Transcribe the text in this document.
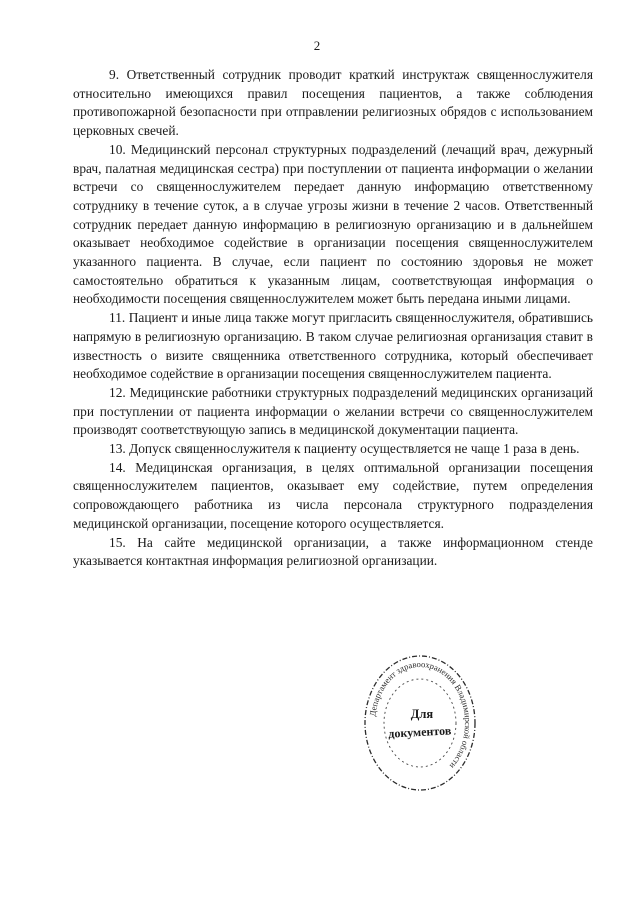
2

9. Ответственный сотрудник проводит краткий инструктаж священнослужителя относительно имеющихся правил посещения пациентов, а также соблюдения противопожарной безопасности при отправлении религиозных обрядов с использованием церковных свечей.

10. Медицинский персонал структурных подразделений (лечащий врач, дежурный врач, палатная медицинская сестра) при поступлении от пациента информации о желании встречи со священнослужителем передает данную информацию ответственному сотруднику в течение суток, а в случае угрозы жизни в течение 2 часов. Ответственный сотрудник передает данную информацию в религиозную организацию и в дальнейшем оказывает необходимое содействие в организации посещения священнослужителем указанного пациента. В случае, если пациент по состоянию здоровья не может самостоятельно обратиться к указанным лицам, соответствующая информация о необходимости посещения священнослужителем может быть передана иными лицами.

11. Пациент и иные лица также могут пригласить священнослужителя, обратившись напрямую в религиозную организацию. В таком случае религиозная организация ставит в известность о визите священника ответственного сотрудника, который обеспечивает необходимое содействие в организации посещения священнослужителем пациента.

12. Медицинские работники структурных подразделений медицинских организаций при поступлении от пациента информации о желании встречи со священнослужителем производят соответствующую запись в медицинской документации пациента.

13. Допуск священнослужителя к пациенту осуществляется не чаще 1 раза в день.

14. Медицинская организация, в целях оптимальной организации посещения священнослужителем пациентов, оказывает ему содействие, путем определения сопровождающего работника из числа персонала структурного подразделения медицинской организации, посещение которого осуществляется.

15. На сайте медицинской организации, а также информационном стенде указывается контактная информация религиозной организации.

Департамент здравоохранения Владимирской области
Для
документов
